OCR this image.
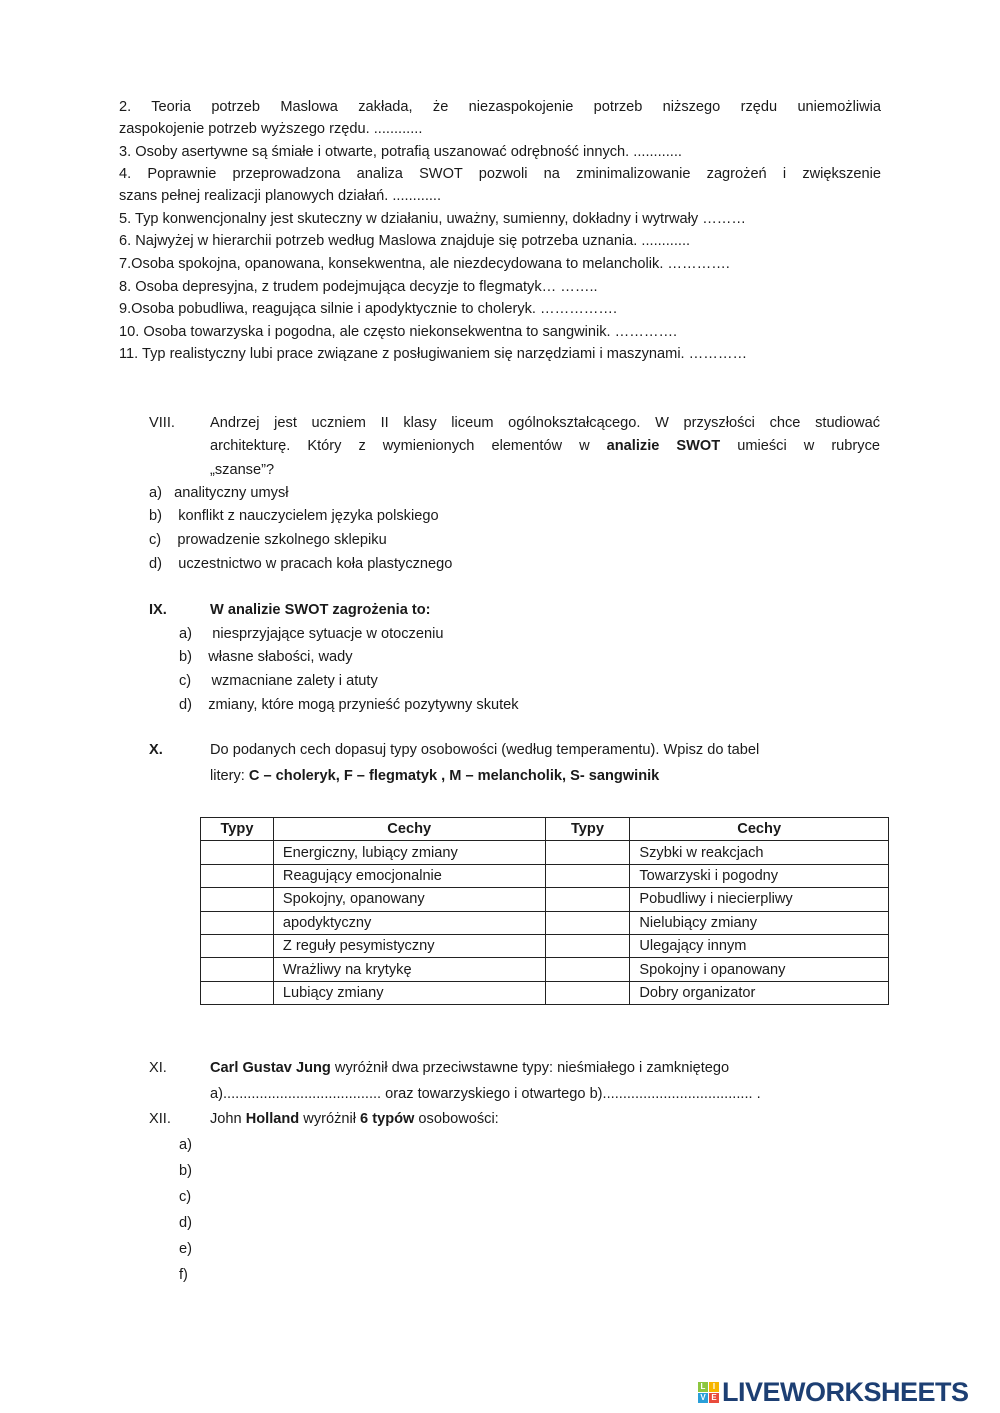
2. Teoria potrzeb Maslowa zakłada, że niezaspokojenie potrzeb niższego rzędu uniemożliwia
zaspokojenie potrzeb wyższego rzędu. ............
3. Osoby asertywne są śmiałe i otwarte, potrafią uszanować odrębność innych. ............
4. Poprawnie przeprowadzona analiza SWOT pozwoli na zminimalizowanie zagrożeń i zwiększenie
szans pełnej realizacji planowych działań. ............
5. Typ konwencjonalny jest skuteczny w działaniu, uważny, sumienny, dokładny i wytrwały ………
6. Najwyżej w hierarchii potrzeb według Maslowa znajduje się potrzeba uznania. ............
7.Osoba spokojna, opanowana, konsekwentna, ale niezdecydowana to melancholik. ………….
8. Osoba depresyjna, z trudem podejmująca decyzje to flegmatyk… ……..
9.Osoba pobudliwa, reagująca silnie i apodyktycznie to choleryk. …………….
10. Osoba towarzyska i pogodna, ale często niekonsekwentna to sangwinik. ………….
11. Typ realistyczny lubi prace związane z posługiwaniem się narzędziami i maszynami. …………
VIII. Andrzej jest uczniem II klasy liceum ogólnokształcącego. W przyszłości chce studiować
architekturę. Który z wymienionych elementów w analizie SWOT umieści w rubryce
„szanse”?
a) analityczny umysł
b) konflikt z nauczycielem języka polskiego
c) prowadzenie szkolnego sklepiku
d) uczestnictwo w pracach koła plastycznego
IX.	W analizie SWOT zagrożenia to:
a) niesprzyjające sytuacje w otoczeniu
b) własne słabości, wady
c) wzmacniane zalety i atuty
d) zmiany, które mogą przynieść pozytywny skutek
X.	Do podanych cech dopasuj typy osobowości (według temperamentu). Wpisz do tabel
litery: C – choleryk, F – flegmatyk , M – melancholik, S- sangwinik
Typy	Cechy	Typy	Cechy
	Energiczny, lubiący zmiany		Szybki w reakcjach
	Reagujący emocjonalnie		Towarzyski i pogodny
	Spokojny, opanowany		Pobudliwy i niecierpliwy
	apodyktyczny		Nielubiący zmiany
	Z reguły pesymistyczny		Ulegający innym
	Wrażliwy na krytykę		Spokojny i opanowany
	Lubiący zmiany		Dobry organizator
XI.	Carl Gustav Jung wyróżnił dwa przeciwstawne typy: nieśmiałego i zamkniętego
a)....................................... oraz towarzyskiego i otwartego b)..................................... .
XII.	John Holland wyróżnił 6 typów osobowości:
a)
b)
c)
d)
e)
f)
L I
V E LIVEWORKSHEETS
